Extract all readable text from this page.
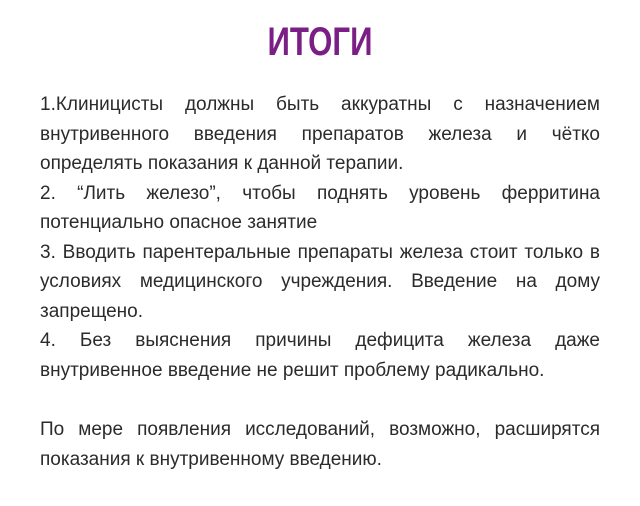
ИТОГИ

1.Клиницисты должны быть аккуратны с назначением внутривенного введения препаратов железа и чётко определять показания к данной терапии.

2. “Лить железо”, чтобы поднять уровень ферритина потенциально опасное занятие

3. Вводить парентеральные препараты железа стоит только в условиях медицинского учреждения. Введение на дому запрещено.

4. Без выяснения причины дефицита железа даже внутривенное введение не решит проблему радикально.

По мере появления исследований, возможно, расширятся показания к внутривенному введению.
